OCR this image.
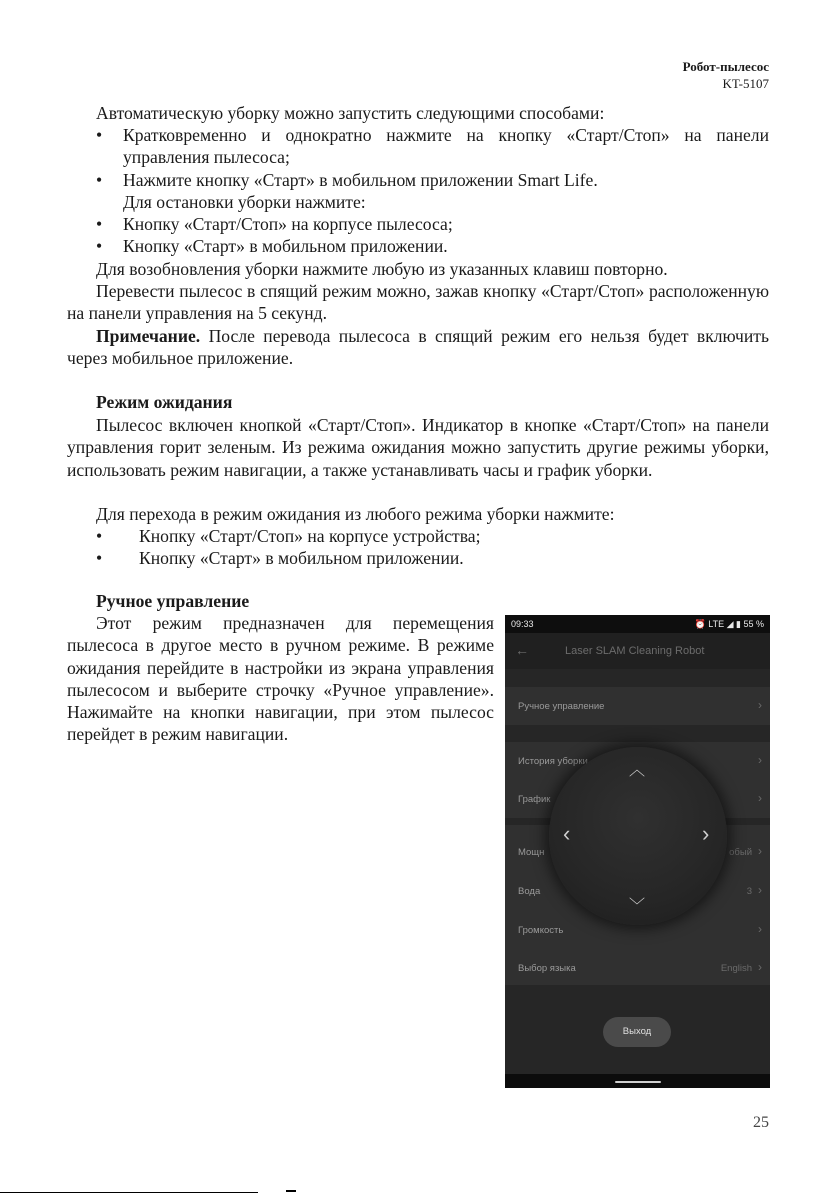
Робот-пылесос
KT-5107

Автоматическую уборку можно запустить следующими способами:

• Кратковременно и однократно нажмите на кнопку «Старт/Стоп» на панели управления пылесоса;
• Нажмите кнопку «Старт» в мобильном приложении Smart Life.

Для остановки уборки нажмите:

• Кнопку «Старт/Стоп» на корпусе пылесоса;
• Кнопку «Старт» в мобильном приложении.

Для возобновления уборки нажмите любую из указанных клавиш повторно.

Перевести пылесос в спящий режим можно, зажав кнопку «Старт/Стоп» расположенную на панели управления на 5 секунд.

Примечание. После перевода пылесоса в спящий режим его нельзя будет включить через мобильное приложение.

Режим ожидания

Пылесос включен кнопкой «Старт/Стоп». Индикатор в кнопке «Старт/Стоп» на панели управления горит зеленым. Из режима ожидания можно запустить другие режимы уборки, использовать режим навигации, а также устанавливать часы и график уборки.

Для перехода в режим ожидания из любого режима уборки нажмите:

• Кнопку «Старт/Стоп» на корпусе устройства;
• Кнопку «Старт» в мобильном приложении.
Ручное управление

Этот режим предназначен для перемещения пылесоса в другое место в ручном режиме. В режиме ожидания перейдите в настройки из экрана управления пылесосом и выберите строчку «Ручное управление». Нажимайте на кнопки навигации, при этом пылесос перейдет в режим навигации.

09:33	⏰ LTE ◢ ▮ 55 %
←	Laser SLAM Cleaning Robot
Ручное управление	›
История уборки	›
График	›
Мощн	обый ›
Вода	3 ›
Громкость	›
Выбор языка	English ›
︿
﹀
‹	›
Выход
25
